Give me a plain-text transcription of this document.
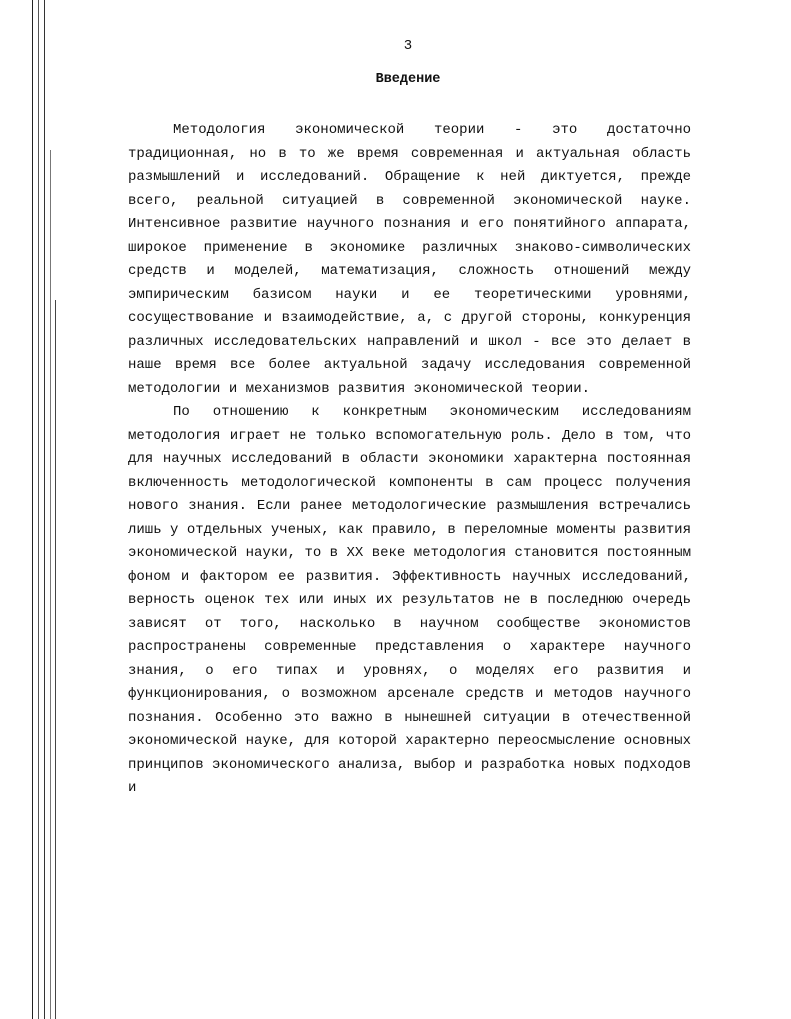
3
Введение

Методология экономической теории - это достаточно традиционная, но в то же время современная и актуальная область размышлений и исследований. Обращение к ней диктуется, прежде всего, реальной ситуацией в современной экономической науке. Интенсивное развитие научного познания и его понятийного аппарата, широкое применение в экономике различных знаково-символических средств и моделей, математизация, сложность отношений между эмпирическим базисом науки и ее теоретическими уровнями, сосуществование и взаимодействие, а, с другой стороны, конкуренция различных исследовательских направлений и школ - все это делает в наше время все более актуальной задачу исследования современной методологии и механизмов развития экономической теории.

По отношению к конкретным экономическим исследованиям методология играет не только вспомогательную роль. Дело в том, что для научных исследований в области экономики характерна постоянная включенность методологической компоненты в сам процесс получения нового знания. Если ранее методологические размышления встречались лишь у отдельных ученых, как правило, в переломные моменты развития экономической науки, то в XX веке методология становится постоянным фоном и фактором ее развития. Эффективность научных исследований, верность оценок тех или иных их результатов не в последнюю очередь зависят от того, насколько в научном сообществе экономистов распространены современные представления о характере научного знания, о его типах и уровнях, о моделях его развития и функционирования, о возможном арсенале средств и методов научного познания. Особенно это важно в нынешней ситуации в отечественной экономической науке, для которой характерно переосмысление основных принципов экономического анализа, выбор и разработка новых подходов и
